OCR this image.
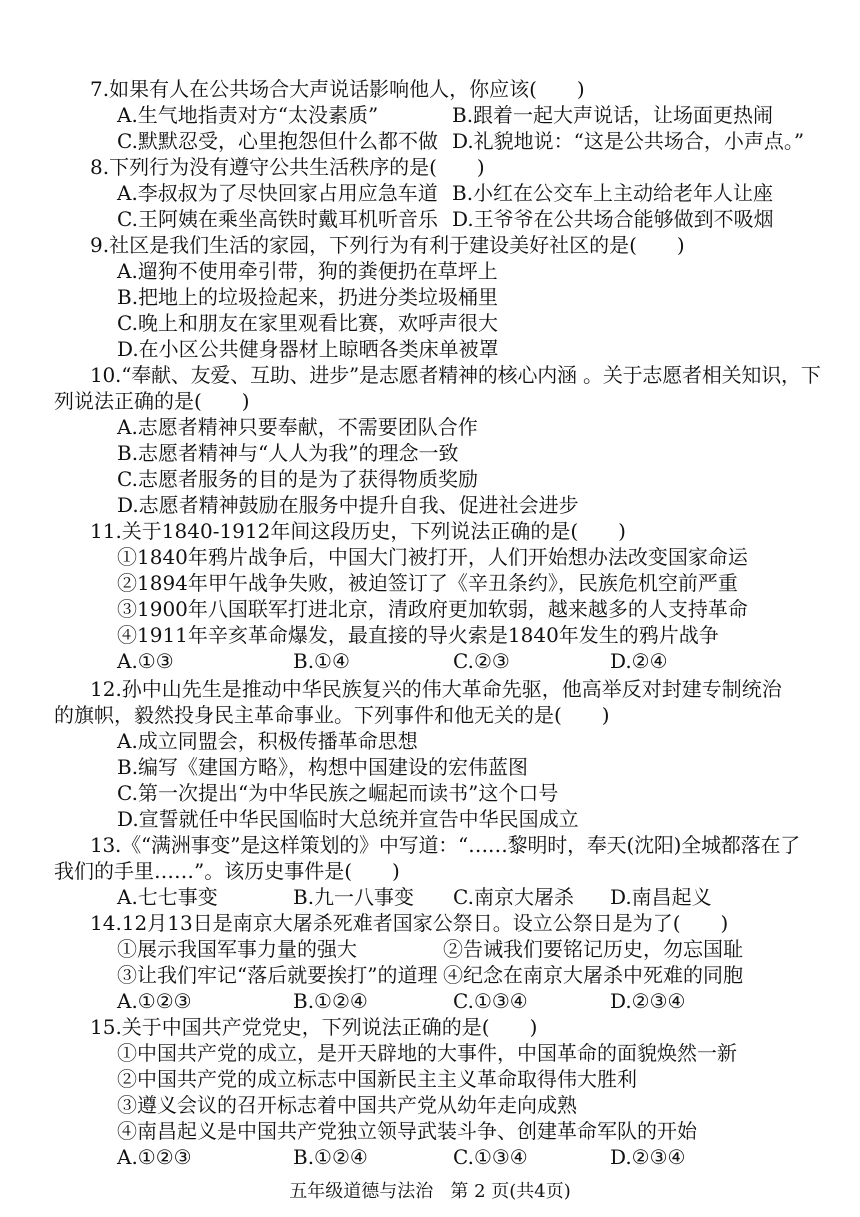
7.如果有人在公共场合大声说话影响他人，你应该(　　)
A.生气地指责对方“太没素质”	B.跟着一起大声说话，让场面更热闹
C.默默忍受，心里抱怨但什么都不做 D.礼貌地说：“这是公共场合，小声点。”
8.下列行为没有遵守公共生活秩序的是(　　)
A.李叔叔为了尽快回家占用应急车道 B.小红在公交车上主动给老年人让座
C.王阿姨在乘坐高铁时戴耳机听音乐 D.王爷爷在公共场合能够做到不吸烟
9.社区是我们生活的家园，下列行为有利于建设美好社区的是(　　)
A.遛狗不使用牵引带，狗的粪便扔在草坪上
B.把地上的垃圾捡起来，扔进分类垃圾桶里
C.晚上和朋友在家里观看比赛，欢呼声很大
D.在小区公共健身器材上晾晒各类床单被罩
10.“奉献、友爱、互助、进步”是志愿者精神的核心内涵 。关于志愿者相关知识，下
列说法正确的是(　　)
A.志愿者精神只要奉献，不需要团队合作
B.志愿者精神与“人人为我”的理念一致
C.志愿者服务的目的是为了获得物质奖励
D.志愿者精神鼓励在服务中提升自我、促进社会进步
11.关于1840-1912年间这段历史，下列说法正确的是(　　)
①1840年鸦片战争后，中国大门被打开，人们开始想办法改变国家命运
②1894年甲午战争失败，被迫签订了《辛丑条约》，民族危机空前严重
③1900年八国联军打进北京，清政府更加软弱，越来越多的人支持革命
④1911年辛亥革命爆发，最直接的导火索是1840年发生的鸦片战争
A.①③	B.①④	C.②③	D.②④
12.孙中山先生是推动中华民族复兴的伟大革命先驱，他高举反对封建专制统治
的旗帜，毅然投身民主革命事业。下列事件和他无关的是(　　)
A.成立同盟会，积极传播革命思想
B.编写《建国方略》，构想中国建设的宏伟蓝图
C.第一次提出“为中华民族之崛起而读书”这个口号
D.宣誓就任中华民国临时大总统并宣告中华民国成立
13.《“满洲事变”是这样策划的》中写道：“……黎明时，奉天(沈阳)全城都落在了
我们的手里……”。该历史事件是(　　)
A.七七事变	B.九一八事变 C.南京大屠杀 D.南昌起义
14.12月13日是南京大屠杀死难者国家公祭日。设立公祭日是为了(　　)
①展示我国军事力量的强大	②告诫我们要铭记历史，勿忘国耻
③让我们牢记“落后就要挨打”的道理 ④纪念在南京大屠杀中死难的同胞
A.①②③	B.①②④	C.①③④	D.②③④
15.关于中国共产党党史，下列说法正确的是(　　)
①中国共产党的成立，是开天辟地的大事件，中国革命的面貌焕然一新
②中国共产党的成立标志中国新民主主义革命取得伟大胜利
③遵义会议的召开标志着中国共产党从幼年走向成熟
④南昌起义是中国共产党独立领导武装斗争、创建革命军队的开始
A.①②③	B.①②④	C.①③④	D.②③④
五年级道德与法治 第 2 页(共4页)
